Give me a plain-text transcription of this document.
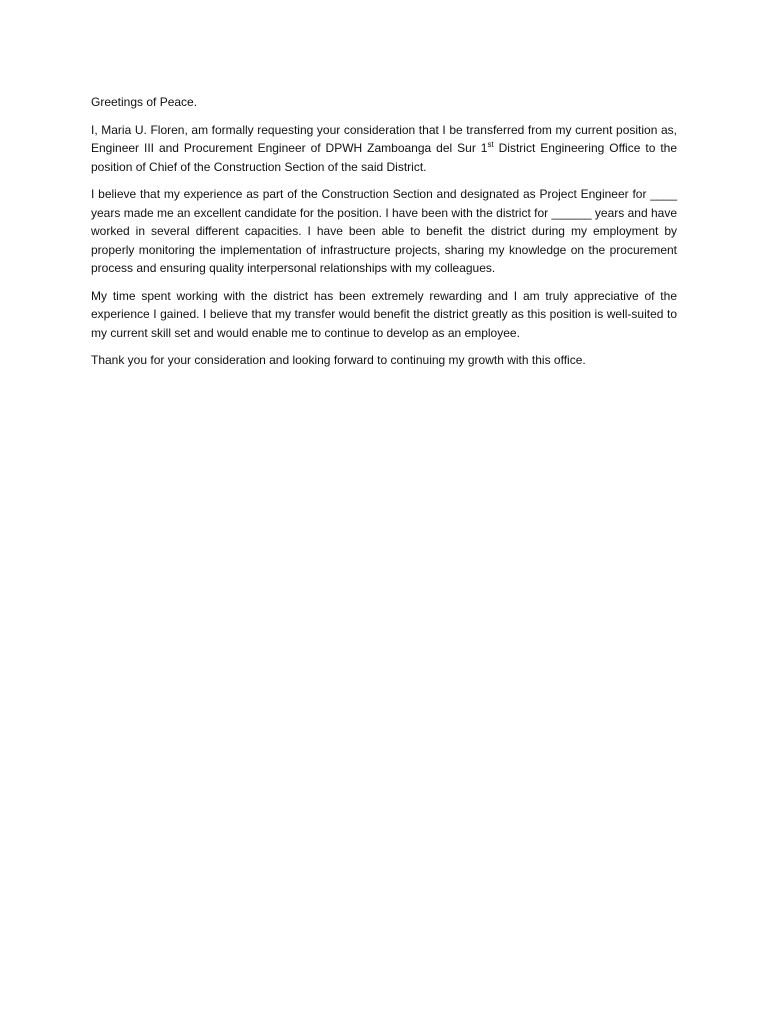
Greetings of Peace.

I, Maria U. Floren, am formally requesting your consideration that I be transferred from my current position as, Engineer III and Procurement Engineer of DPWH Zamboanga del Sur 1st District Engineering Office to the position of Chief of the Construction Section of the said District.

I believe that my experience as part of the Construction Section and designated as Project Engineer for ____ years made me an excellent candidate for the position. I have been with the district for ______ years and have worked in several different capacities. I have been able to benefit the district during my employment by properly monitoring the implementation of infrastructure projects, sharing my knowledge on the procurement process and ensuring quality interpersonal relationships with my colleagues.

My time spent working with the district has been extremely rewarding and I am truly appreciative of the experience I gained. I believe that my transfer would benefit the district greatly as this position is well-suited to my current skill set and would enable me to continue to develop as an employee.

Thank you for your consideration and looking forward to continuing my growth with this office.
